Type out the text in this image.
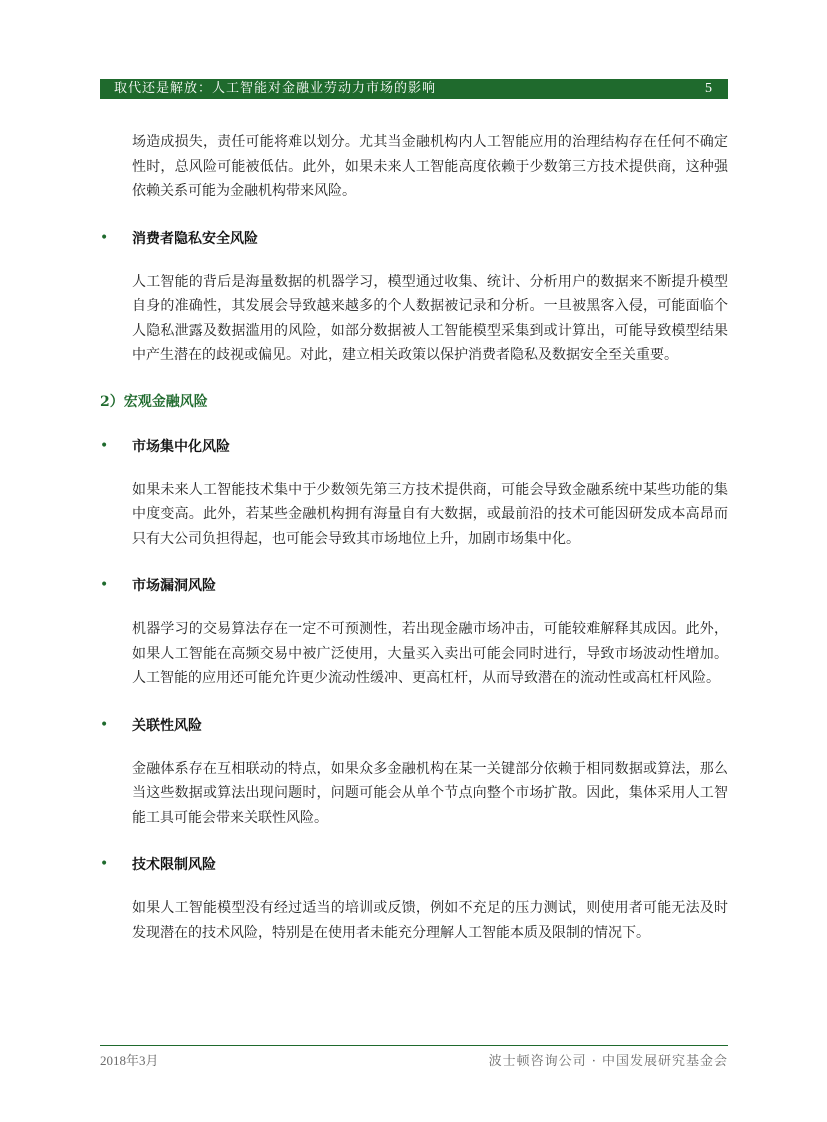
取代还是解放：人工智能对金融业劳动力市场的影响	5

场造成损失，责任可能将难以划分。尤其当金融机构内人工智能应用的治理结构存在任何不确定性时，总风险可能被低估。此外，如果未来人工智能高度依赖于少数第三方技术提供商，这种强依赖关系可能为金融机构带来风险。

•	消费者隐私安全风险

人工智能的背后是海量数据的机器学习，模型通过收集、统计、分析用户的数据来不断提升模型自身的准确性，其发展会导致越来越多的个人数据被记录和分析。一旦被黑客入侵，可能面临个人隐私泄露及数据滥用的风险，如部分数据被人工智能模型采集到或计算出，可能导致模型结果中产生潜在的歧视或偏见。对此，建立相关政策以保护消费者隐私及数据安全至关重要。

2）宏观金融风险
•	市场集中化风险

如果未来人工智能技术集中于少数领先第三方技术提供商，可能会导致金融系统中某些功能的集中度变高。此外，若某些金融机构拥有海量自有大数据，或最前沿的技术可能因研发成本高昂而只有大公司负担得起，也可能会导致其市场地位上升，加剧市场集中化。

•	市场漏洞风险

机器学习的交易算法存在一定不可预测性，若出现金融市场冲击，可能较难解释其成因。此外，如果人工智能在高频交易中被广泛使用，大量买入卖出可能会同时进行，导致市场波动性增加。人工智能的应用还可能允许更少流动性缓冲、更高杠杆，从而导致潜在的流动性或高杠杆风险。

•	关联性风险

金融体系存在互相联动的特点，如果众多金融机构在某一关键部分依赖于相同数据或算法，那么当这些数据或算法出现问题时，问题可能会从单个节点向整个市场扩散。因此，集体采用人工智能工具可能会带来关联性风险。

•	技术限制风险

如果人工智能模型没有经过适当的培训或反馈，例如不充足的压力测试，则使用者可能无法及时发现潜在的技术风险，特别是在使用者未能充分理解人工智能本质及限制的情况下。

2018年3月	波士顿咨询公司 · 中国发展研究基金会
